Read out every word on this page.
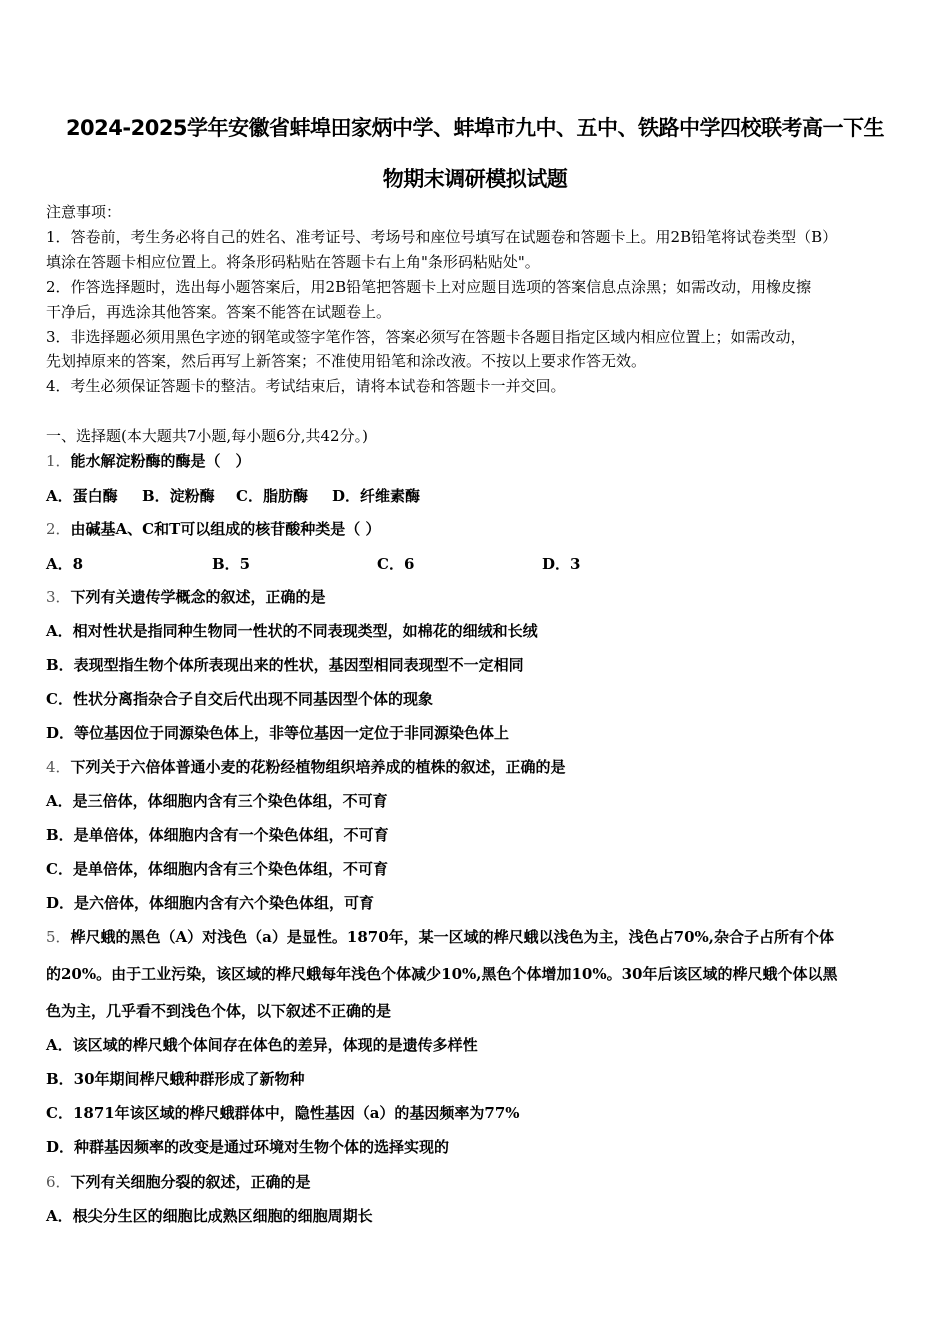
2024-2025学年安徽省蚌埠田家炳中学、蚌埠市九中、五中、铁路中学四校联考高一下生
物期末调研模拟试题
注意事项：
1．答卷前，考生务必将自己的姓名、准考证号、考场号和座位号填写在试题卷和答题卡上。用2B铅笔将试卷类型（B）
填涂在答题卡相应位置上。将条形码粘贴在答题卡右上角"条形码粘贴处"。
2．作答选择题时，选出每小题答案后，用2B铅笔把答题卡上对应题目选项的答案信息点涂黑；如需改动，用橡皮擦
干净后，再选涂其他答案。答案不能答在试题卷上。
3．非选择题必须用黑色字迹的钢笔或签字笔作答，答案必须写在答题卡各题目指定区域内相应位置上；如需改动，
先划掉原来的答案，然后再写上新答案；不准使用铅笔和涂改液。不按以上要求作答无效。
4．考生必须保证答题卡的整洁。考试结束后，请将本试卷和答题卡一并交回。
一、选择题(本大题共7小题,每小题6分,共42分。)
1．能水解淀粉酶的酶是（　）
A．蛋白酶 B．淀粉酶 C．脂肪酶 D．纤维素酶
2．由碱基A、C和T可以组成的核苷酸种类是（ ）
A．8	B．5	C．6	D．3
3．下列有关遗传学概念的叙述，正确的是
A．相对性状是指同种生物同一性状的不同表现类型，如棉花的细绒和长绒
B．表现型指生物个体所表现出来的性状，基因型相同表现型不一定相同
C．性状分离指杂合子自交后代出现不同基因型个体的现象
D．等位基因位于同源染色体上，非等位基因一定位于非同源染色体上
4．下列关于六倍体普通小麦的花粉经植物组织培养成的植株的叙述，正确的是
A．是三倍体，体细胞内含有三个染色体组，不可育
B．是单倍体，体细胞内含有一个染色体组，不可育
C．是单倍体，体细胞内含有三个染色体组，不可育
D．是六倍体，体细胞内含有六个染色体组，可育
5．桦尺蛾的黑色（A）对浅色（a）是显性。1870年，某一区域的桦尺蛾以浅色为主，浅色占70%,杂合子占所有个体
的20%。由于工业污染，该区域的桦尺蛾每年浅色个体减少10%,黑色个体增加10%。30年后该区域的桦尺蛾个体以黑
色为主，几乎看不到浅色个体，以下叙述不正确的是
A．该区域的桦尺蛾个体间存在体色的差异，体现的是遗传多样性
B．30年期间桦尺蛾种群形成了新物种
C．1871年该区域的桦尺蛾群体中，隐性基因（a）的基因频率为77%
D．种群基因频率的改变是通过环境对生物个体的选择实现的
6．下列有关细胞分裂的叙述，正确的是
A．根尖分生区的细胞比成熟区细胞的细胞周期长
